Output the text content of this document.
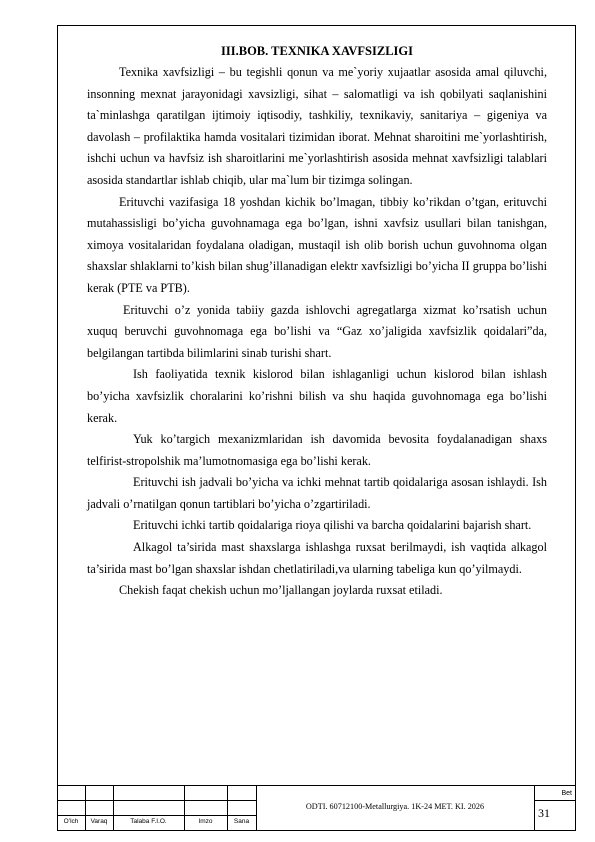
III.BOB. TEXNIKA XAVFSIZLIGI

Texnika xavfsizligi – bu tegishli qonun va me`yoriy xujaatlar asosida amal qiluvchi, insonning mexnat jarayonidagi xavsizligi, sihat – salomatligi va ish qobilyati saqlanishini ta`minlashga qaratilgan ijtimoiy iqtisodiy, tashkiliy, texnikaviy, sanitariya – gigeniya va davolash – profilaktika hamda vositalari tizimidan iborat. Mehnat sharoitini me`yorlashtirish, ishchi uchun va havfsiz ish sharoitlarini me`yorlashtirish asosida mehnat xavfsizligi talablari asosida standartlar ishlab chiqib, ular ma`lum bir tizimga solingan.

Erituvchi vazifasiga 18 yoshdan kichik bo’lmagan, tibbiy ko’rikdan o’tgan, erituvchi mutahassisligi bo’yicha guvohnamaga ega bo’lgan, ishni xavfsiz usullari bilan tanishgan, ximoya vositalaridan foydalana oladigan, mustaqil ish olib borish uchun guvohnoma olgan shaxslar shlaklarni to’kish bilan shug’illanadigan elektr xavfsizligi bo’yicha II gruppa bo’lishi kerak (PTE va PTB).

Erituvchi o’z yonida tabiiy gazda ishlovchi agregatlarga xizmat ko’rsatish uchun xuquq beruvchi guvohnomaga ega bo’lishi va “Gaz xo’jaligida xavfsizlik qoidalari”da, belgilangan tartibda bilimlarini sinab turishi shart.

Ish faoliyatida texnik kislorod bilan ishlaganligi uchun kislorod bilan ishlash bo’yicha xavfsizlik choralarini ko’rishni bilish va shu haqida guvohnomaga ega bo’lishi kerak.

Yuk ko’targich mexanizmlaridan ish davomida bevosita foydalanadigan shaxs telfirist-stropolshik ma’lumotnomasiga ega bo’lishi kerak.

Erituvchi ish jadvali bo’yicha va ichki mehnat tartib qoidalariga asosan ishlaydi. Ish jadvali o’rnatilgan qonun tartiblari bo’yicha o’zgartiriladi.

Erituvchi ichki tartib qoidalariga rioya qilishi va barcha qoidalarini bajarish shart.

Alkagol ta’sirida mast shaxslarga ishlashga ruxsat berilmaydi, ish vaqtida alkagol ta’sirida mast bo’lgan shaxslar ishdan chetlatiriladi,va ularning tabeliga kun qo’yilmaydi.

Chekish faqat chekish uchun mo’ljallangan joylarda ruxsat etiladi.

O’lch	Varaq	Talaba F.I.O.	Imzo	Sana
ODTI. 60712100-Metallurgiya. 1K-24 MET. KI. 2026
Bet
31
